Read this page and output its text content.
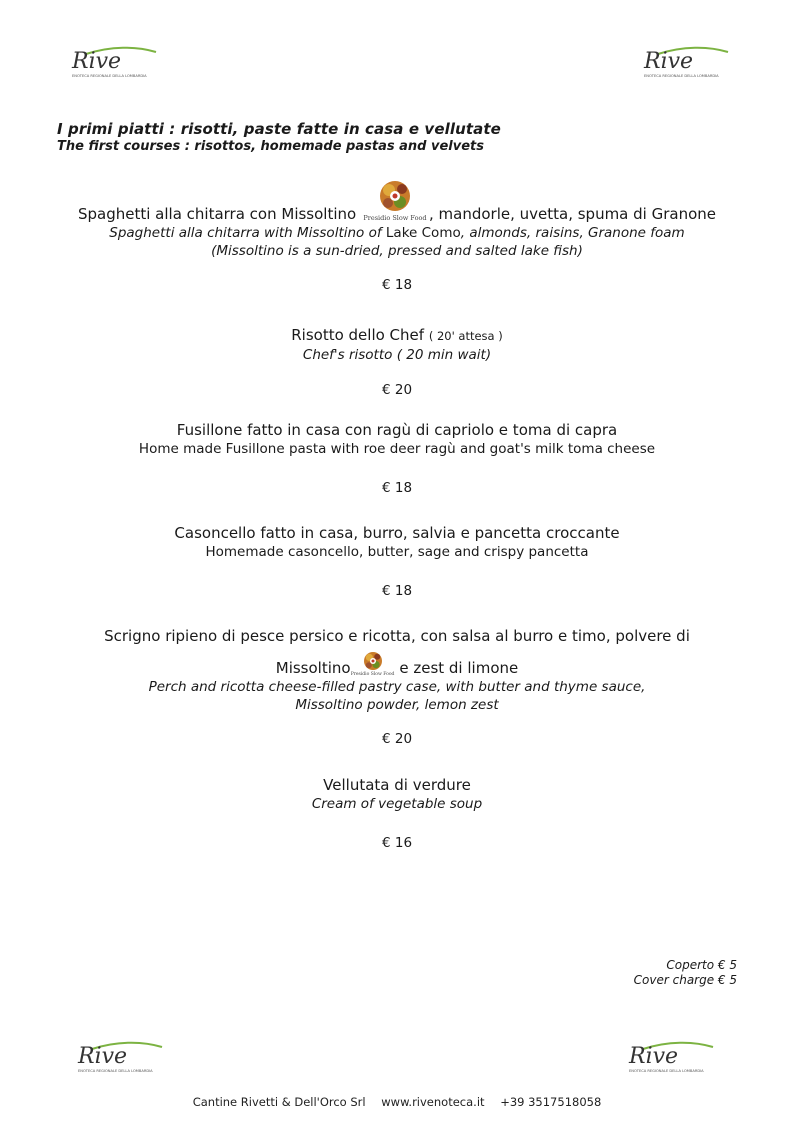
Rive
ENOTECA REGIONALE DELLA LOMBARDIA
Rive
ENOTECA REGIONALE DELLA LOMBARDIA
I primi piatti : risotti, paste fatte in casa e vellutate
The first courses : risottos, homemade pastas and velvets
Spaghetti alla chitarra con Missoltino	Presidio Slow Food , mandorle, uvetta, spuma di Granone
Spaghetti alla chitarra with Missoltino of Lake Como, almonds, raisins, Granone foam
(Missoltino is a sun-dried, pressed and salted lake fish)
€ 18
Risotto dello Chef ( 20' attesa )
Chef's risotto ( 20 min wait)
€ 20
Fusillone fatto in casa con ragù di capriolo e toma di capra
Home made Fusillone pasta with roe deer ragù and goat's milk toma cheese
€ 18
Casoncello fatto in casa, burro, salvia e pancetta croccante
Homemade casoncello, butter, sage and crispy pancetta
€ 18
Scrigno ripieno di pesce persico e ricotta, con salsa al burro e timo, polvere di
Missoltino Presidio Slow Food e zest di limone
Perch and ricotta cheese-filled pastry case, with butter and thyme sauce, Missoltino powder, lemon zest
€ 20
Vellutata di verdure
Cream of vegetable soup
€ 16
Coperto € 5
Cover charge € 5
Rive
ENOTECA REGIONALE DELLA LOMBARDIA
Rive
ENOTECA REGIONALE DELLA LOMBARDIA
Cantine Rivetti & Dell'Orco Srl www.rivenoteca.it +39 3517518058
